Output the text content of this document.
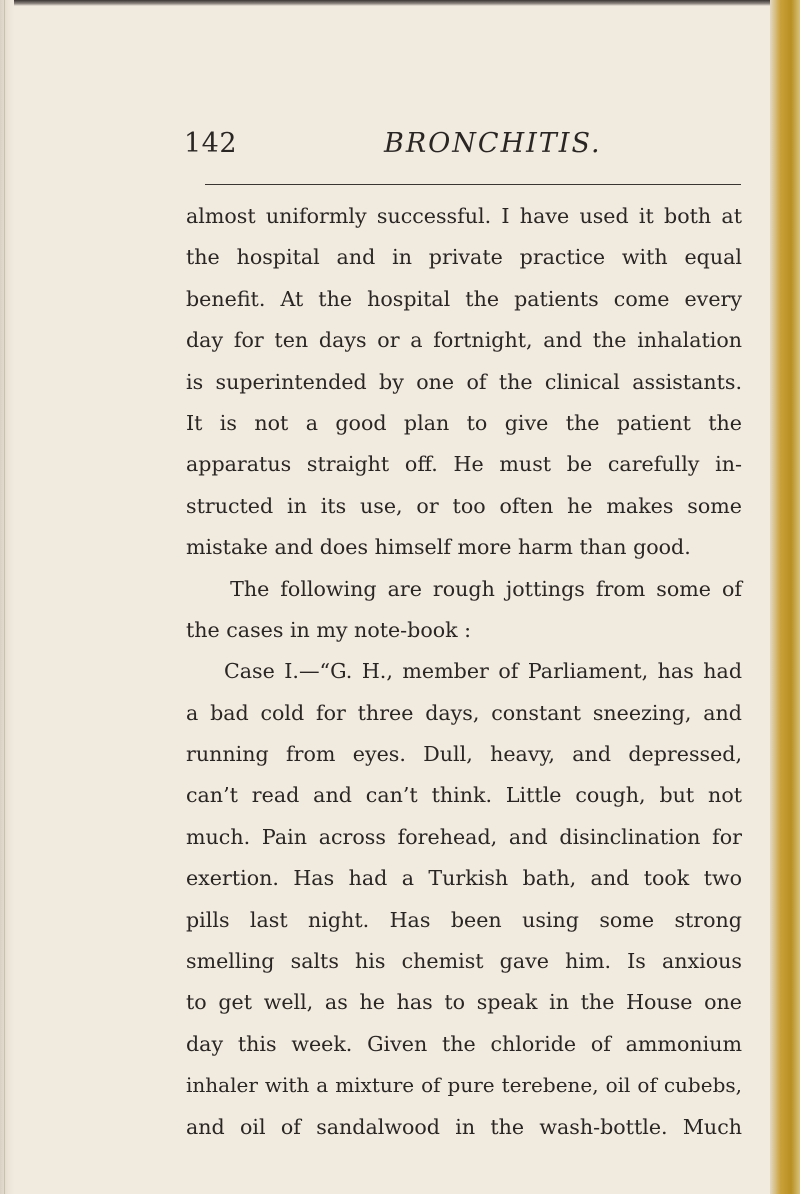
142	BRONCHITIS.
almost uniformly successful. I have used it both at
the hospital and in private practice with equal
benefit. At the hospital the patients come every
day for ten days or a fortnight, and the inhalation
is superintended by one of the clinical assistants.
It is not a good plan to give the patient the
apparatus straight off. He must be carefully in-
structed in its use, or too often he makes some
mistake and does himself more harm than good.
The following are rough jottings from some of
the cases in my note-book :
Case I.—“G. H., member of Parliament, has had
a bad cold for three days, constant sneezing, and
running from eyes. Dull, heavy, and depressed,
can’t read and can’t think. Little cough, but not
much. Pain across forehead, and disinclination for
exertion. Has had a Turkish bath, and took two
pills last night. Has been using some strong
smelling salts his chemist gave him. Is anxious
to get well, as he has to speak in the House one
day this week. Given the chloride of ammonium
inhaler with a mixture of pure terebene, oil of cubebs,
and oil of sandalwood in the wash-bottle. Much
